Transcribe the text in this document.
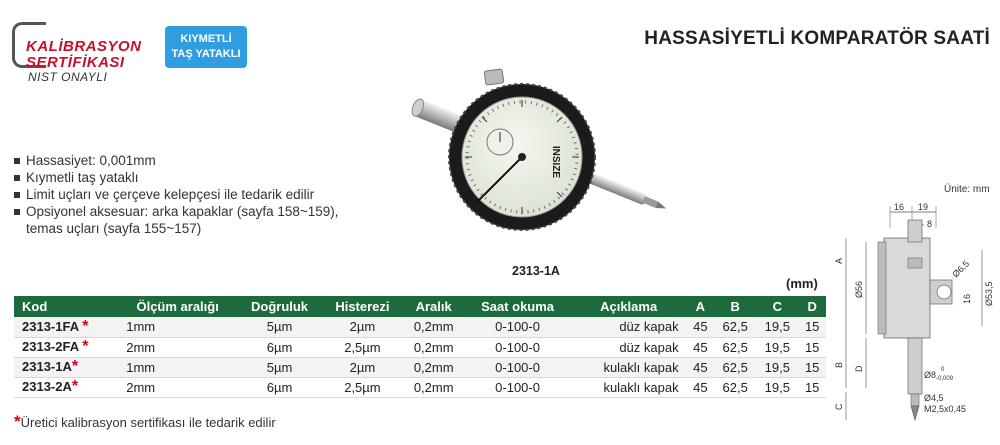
KALİBRASYON
SERTİFİKASI
NIST ONAYLI
KIYMETLİ
TAŞ YATAKLI
HASSASİYETLİ KOMPARATÖR SAATİ
Hassasiyet: 0,001mm
Kıymetli taş yataklı
Limit uçları ve çerçeve kelepçesi ile tedarik edilir
Opsiyonel aksesuar: arka kapaklar (sayfa 158~159),
temas uçları (sayfa 155~157)
INSIZE
2313-1A
Ünite: mm
16 19
8
A
Ø56
B
D
C
Ø6,5
16 Ø53,5
Ø8 0
-0,009
Ø4,5
M2,5x0,45
(mm)
Kod	Ölçüm aralığı	Doğruluk	Histerezi	Aralık	Saat okuma	Açıklama	A	B	C	D
2313-1FA *	1mm	5µm	2µm	0,2mm	0-100-0	düz kapak	45	62,5	19,5	15
2313-2FA *	2mm	6µm	2,5µm	0,2mm	0-100-0	düz kapak	45	62,5	19,5	15
2313-1A*	1mm	5µm	2µm	0,2mm	0-100-0	kulaklı kapak	45	62,5	19,5	15
2313-2A*	2mm	6µm	2,5µm	0,2mm	0-100-0	kulaklı kapak	45	62,5	19,5	15
*Üretici kalibrasyon sertifikası ile tedarik edilir
